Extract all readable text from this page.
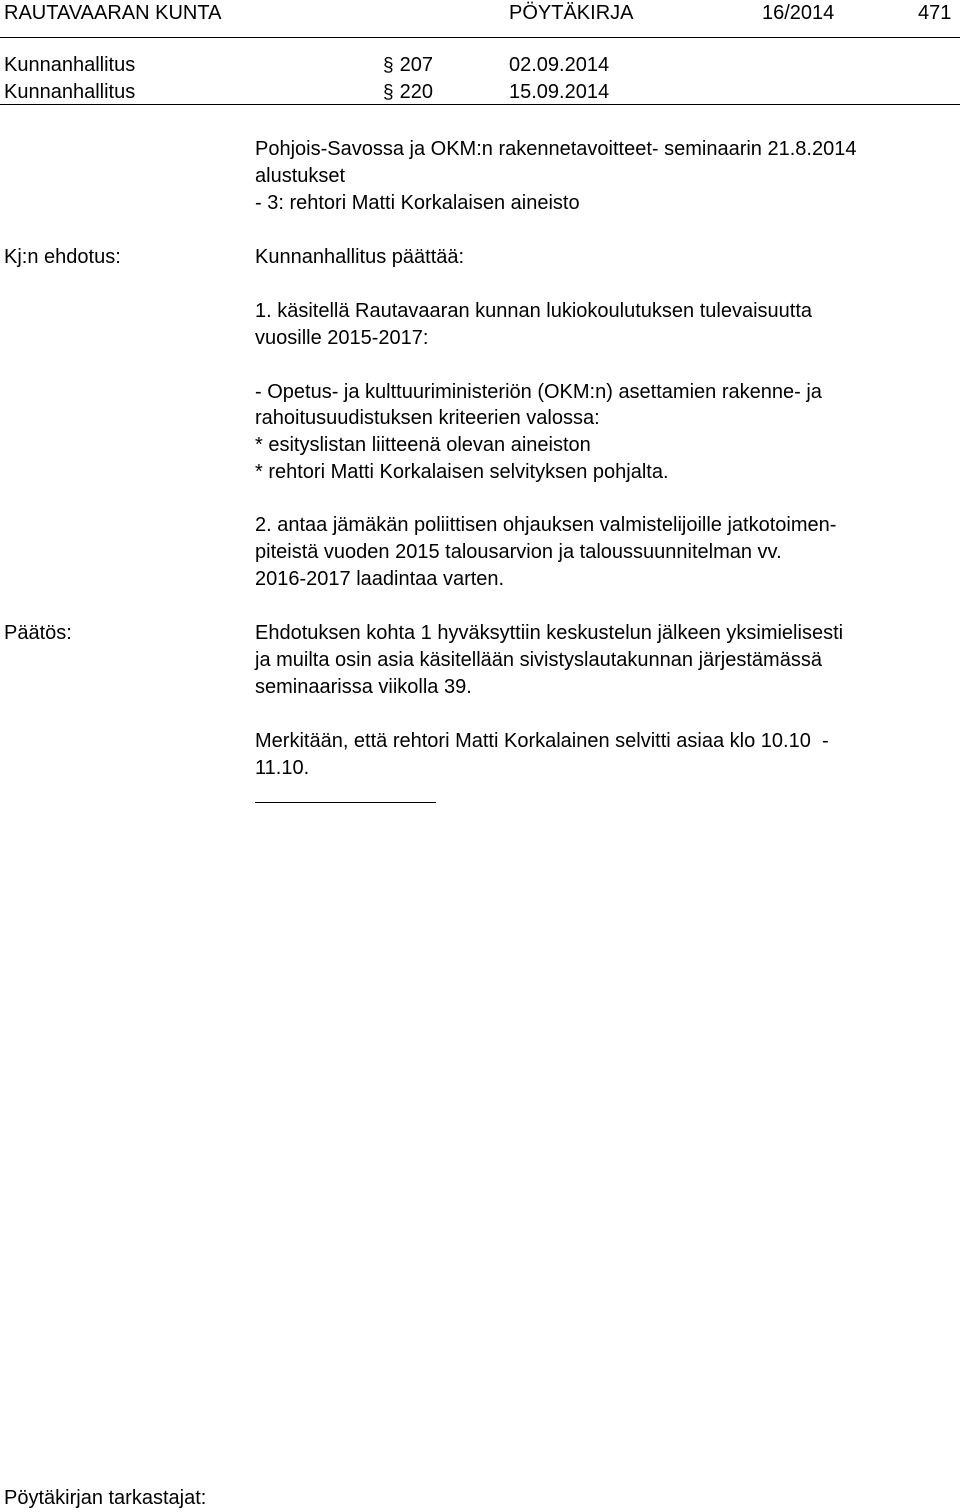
RAUTAVAARAN KUNTA	PÖYTÄKIRJA	16/2014	471
Kunnanhallitus	§ 207	02.09.2014
Kunnanhallitus	§ 220	15.09.2014
Pohjois-Savossa ja OKM:n rakennetavoitteet- seminaarin 21.8.2014
alustukset
- 3: rehtori Matti Korkalaisen aineisto
Kj:n ehdotus:	Kunnanhallitus päättää:
1. käsitellä Rautavaaran kunnan lukiokoulutuksen tulevaisuutta
vuosille 2015-2017:
- Opetus- ja kulttuuriministeriön (OKM:n) asettamien rakenne- ja
rahoitusuudistuksen kriteerien valossa:
* esityslistan liitteenä olevan aineiston
* rehtori Matti Korkalaisen selvityksen pohjalta.
2. antaa jämäkän poliittisen ohjauksen valmistelijoille jatkotoimen-
piteistä vuoden 2015 talousarvion ja taloussuunnitelman vv.
2016-2017 laadintaa varten.
Päätös:	Ehdotuksen kohta 1 hyväksyttiin keskustelun jälkeen yksimielisesti
ja muilta osin asia käsitellään sivistyslautakunnan järjestämässä
seminaarissa viikolla 39.
Merkitään, että rehtori Matti Korkalainen selvitti asiaa klo 10.10  -
11.10.
Pöytäkirjan tarkastajat:
